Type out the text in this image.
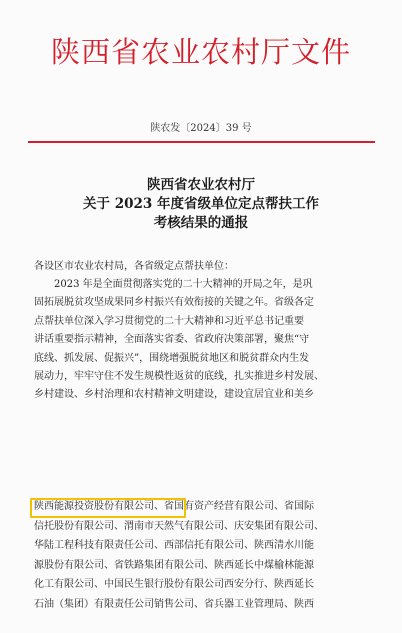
陕西省农业农村厅文件
陕农发〔2024〕39 号
陕西省农业农村厅
关于 2023 年度省级单位定点帮扶工作
考核结果的通报
各设区市农业农村局，各省级定点帮扶单位：
2023 年是全面贯彻落实党的二十大精神的开局之年，是巩
固拓展脱贫攻坚成果同乡村振兴有效衔接的关键之年。省级各定
点帮扶单位深入学习贯彻党的二十大精神和习近平总书记重要
讲话重要指示精神，全面落实省委、省政府决策部署，聚焦“守
底线、抓发展、促振兴”，围绕增强脱贫地区和脱贫群众内生发
展动力，牢牢守住不发生规模性返贫的底线，扎实推进乡村发展、
乡村建设、乡村治理和农村精神文明建设，建设宜居宜业和美乡
陕西能源投资股份有限公司、省国有资产经营有限公司、省国际
信托股份有限公司、渭南市天然气有限公司、庆安集团有限公司、
华陆工程科技有限责任公司、西部信托有限公司、陕西清水川能
源股份有限公司、省铁路集团有限公司、陕西延长中煤榆林能源
化工有限公司、中国民生银行股份有限公司西安分行、陕西延长
石油（集团）有限责任公司销售公司、省兵器工业管理局、陕西
